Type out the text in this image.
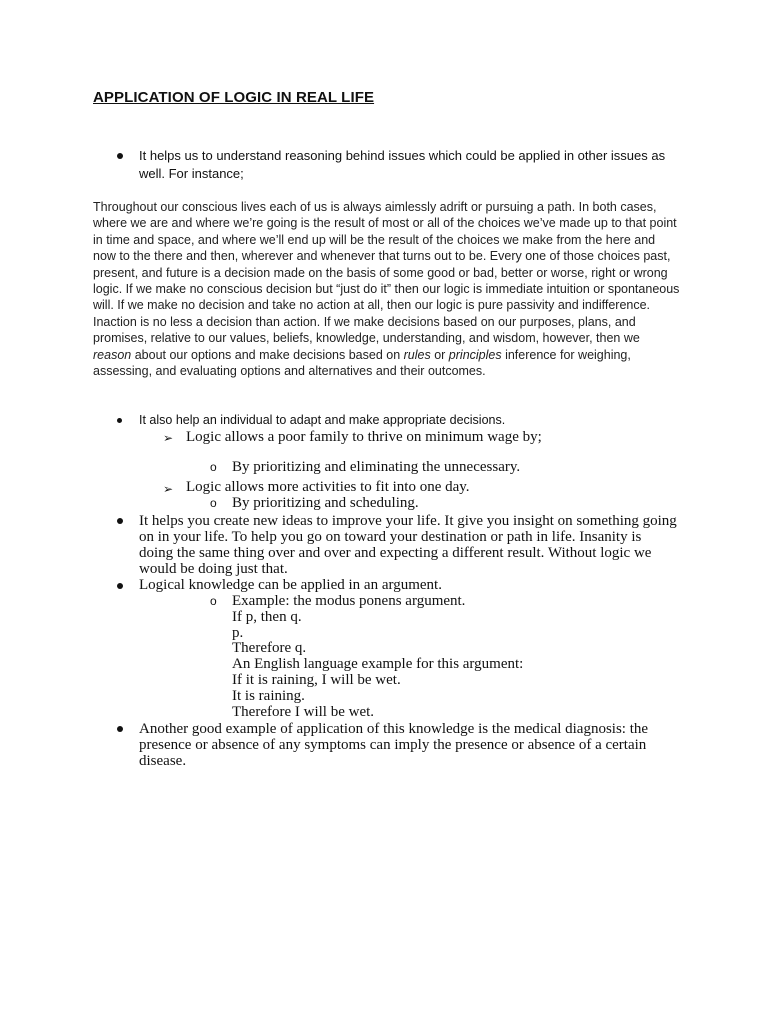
APPLICATION OF LOGIC IN REAL LIFE
It helps us to understand reasoning behind issues which could be applied in other issues as well. For instance;

Throughout our conscious lives each of us is always aimlessly adrift or pursuing a path. In both cases, where we are and where we’re going is the result of most or all of the choices we’ve made up to that point in time and space, and where we’ll end up will be the result of the choices we make from the here and now to the there and then, wherever and whenever that turns out to be. Every one of those choices past, present, and future is a decision made on the basis of some good or bad, better or worse, right or wrong logic. If we make no conscious decision but “just do it” then our logic is immediate intuition or spontaneous will. If we make no decision and take no action at all, then our logic is pure passivity and indifference. Inaction is no less a decision than action. If we make decisions based on our purposes, plans, and promises, relative to our values, beliefs, knowledge, understanding, and wisdom, however, then we reason about our options and make decisions based on rules or principles inference for weighing, assessing, and evaluating options and alternatives and their outcomes.

It also help an individual to adapt and make appropriate decisions.
➢ Logic allows a poor family to thrive on minimum wage by;
o By prioritizing and eliminating the unnecessary.
➢ Logic allows more activities to fit into one day.
o By prioritizing and scheduling.
It helps you create new ideas to improve your life. It give you insight on something going on in your life. To help you go on toward your destination or path in life. Insanity is doing the same thing over and over and expecting a different result. Without logic we would be doing just that.
Logical knowledge can be applied in an argument.
o Example: the modus ponens argument.
If p, then q.
p.
Therefore q.
An English language example for this argument:
If it is raining, I will be wet.
It is raining.
Therefore I will be wet.
Another good example of application of this knowledge is the medical diagnosis: the presence or absence of any symptoms can imply the presence or absence of a certain disease.
